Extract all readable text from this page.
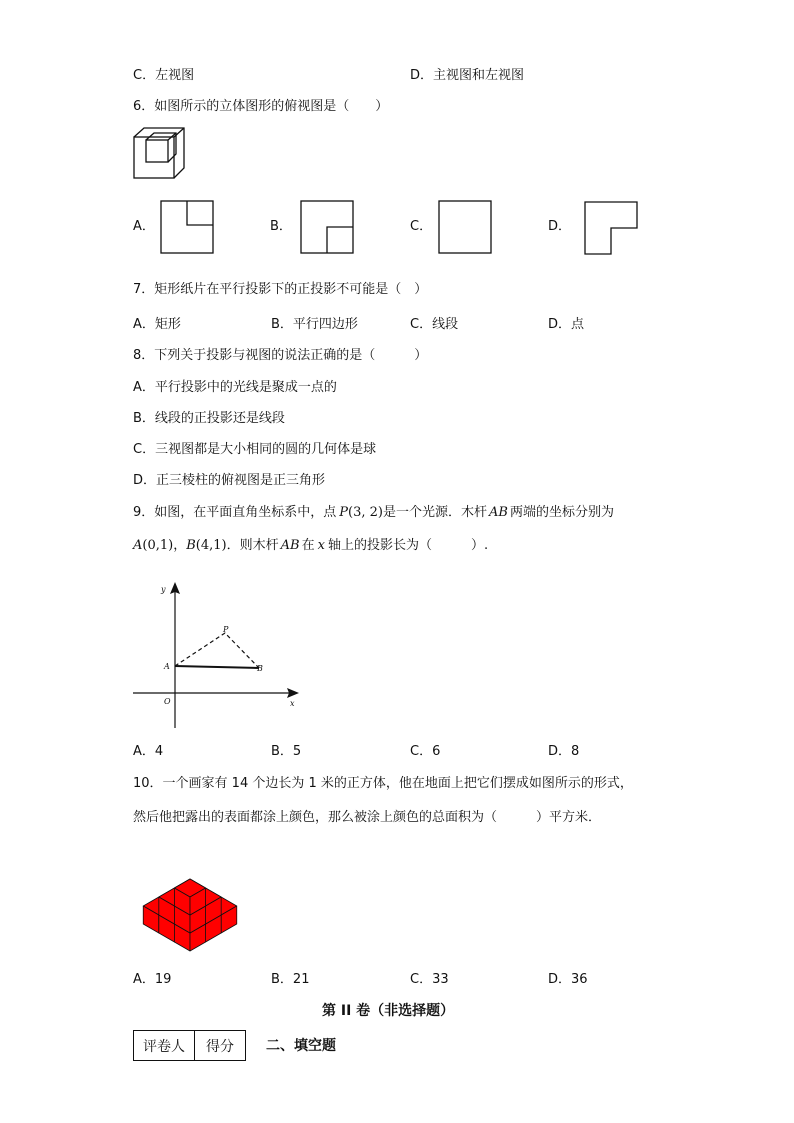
C．左视图	D．主视图和左视图
6．如图所示的立体图形的俯视图是（　　）
A．	B．	C．	D．
7．矩形纸片在平行投影下的正投影不可能是（　）
A．矩形	B．平行四边形	C．线段	D．点
8．下列关于投影与视图的说法正确的是（　　　）
A．平行投影中的光线是聚成一点的
B．线段的正投影还是线段
C．三视图都是大小相同的圆的几何体是球
D．正三棱柱的俯视图是正三角形
9．如图，在平面直角坐标系中，点 P(3, 2)是一个光源．木杆 AB 两端的坐标分别为
A(0,1)，B(4,1)．则木杆 AB 在 x 轴上的投影长为（　　　）.
y
x
O
A	B
P
A．4	B．5	C．6	D．8
10．一个画家有 14 个边长为 1 米的正方体，他在地面上把它们摆成如图所示的形式，
然后他把露出的表面都涂上颜色，那么被涂上颜色的总面积为（　　　）平方米．
A．19	B．21	C．33	D．36
第 II 卷（非选择题）
评卷人	得分 二、填空题
